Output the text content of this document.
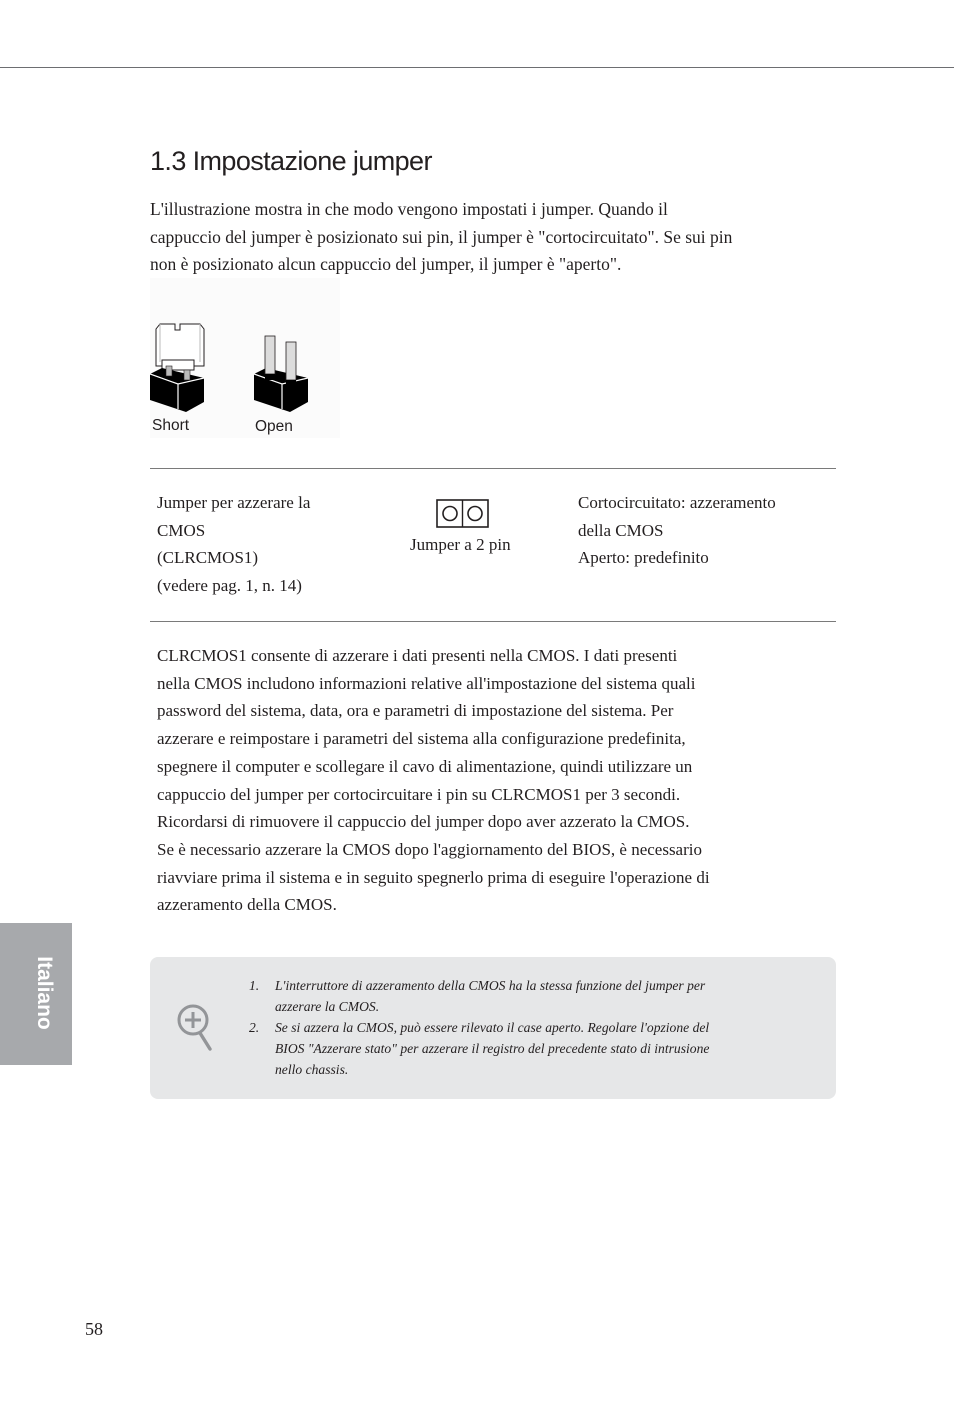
1.3 Impostazione jumper
L'illustrazione mostra in che modo vengono impostati i jumper. Quando il
cappuccio del jumper è posizionato sui pin, il jumper è "cortocircuitato". Se sui pin
non è posizionato alcun cappuccio del jumper, il jumper è "aperto".
Short	Open
Jumper per azzerare la
CMOS
(CLRCMOS1)
(vedere pag. 1, n. 14)
Jumper a 2 pin
Cortocircuitato: azzeramento
della CMOS
Aperto: predefinito
CLRCMOS1 consente di azzerare i dati presenti nella CMOS. I dati presenti
nella CMOS includono informazioni relative all'impostazione del sistema quali
password del sistema, data, ora e parametri di impostazione del sistema. Per
azzerare e reimpostare i parametri del sistema alla configurazione predefinita,
spegnere il computer e scollegare il cavo di alimentazione, quindi utilizzare un
cappuccio del jumper per cortocircuitare i pin su CLRCMOS1 per 3 secondi.
Ricordarsi di rimuovere il cappuccio del jumper dopo aver azzerato la CMOS.
Se è necessario azzerare la CMOS dopo l'aggiornamento del BIOS, è necessario
riavviare prima il sistema e in seguito spegnerlo prima di eseguire l'operazione di
azzeramento della CMOS.
1. L'interruttore di azzeramento della CMOS ha la stessa funzione del jumper per
azzerare la CMOS.
2. Se si azzera la CMOS, può essere rilevato il case aperto. Regolare l'opzione del
BIOS "Azzerare stato" per azzerare il registro del precedente stato di intrusione
nello chassis.
Italiano
58
